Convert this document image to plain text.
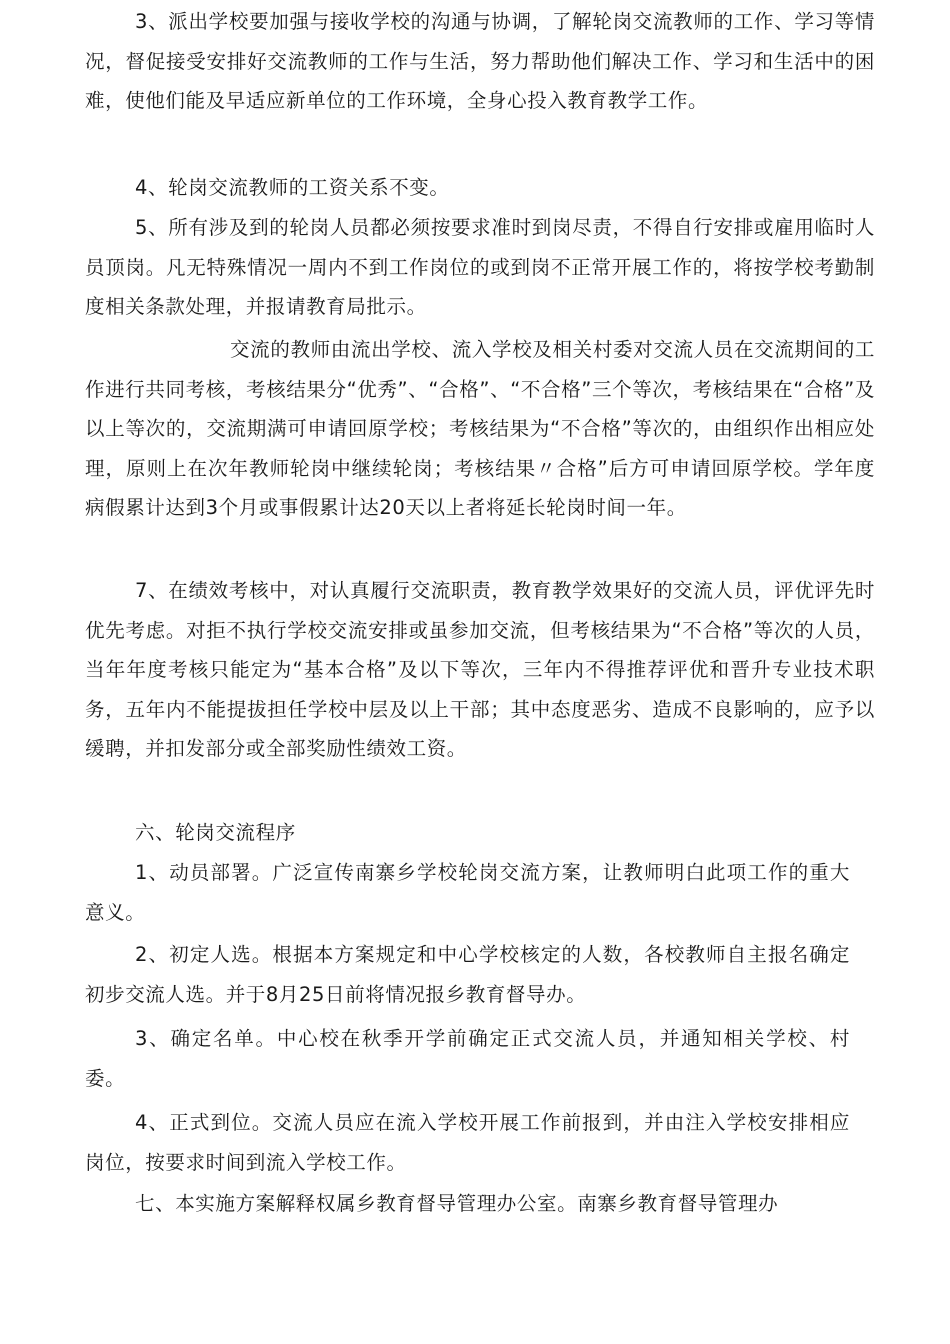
3、派出学校要加强与接收学校的沟通与协调，了解轮岗交流教师的工作、学习等情况，督促接受安排好交流教师的工作与生活，努力帮助他们解决工作、学习和生活中的困难，使他们能及早适应新单位的工作环境，全身心投入教育教学工作。

4、轮岗交流教师的工资关系不变。

5、所有涉及到的轮岗人员都必须按要求准时到岗尽责，不得自行安排或雇用临时人员顶岗。凡无特殊情况一周内不到工作岗位的或到岗不正常开展工作的，将按学校考勤制度相关条款处理，并报请教育局批示。

交流的教师由流出学校、流入学校及相关村委对交流人员在交流期间的工作进行共同考核，考核结果分“优秀”、“合格”、“不合格”三个等次，考核结果在“合格”及以上等次的，交流期满可申请回原学校；考核结果为“不合格”等次的，由组织作出相应处理，原则上在次年教师轮岗中继续轮岗；考核结果〃合格”后方可申请回原学校。学年度病假累计达到3个月或事假累计达20天以上者将延长轮岗时间一年。

7、在绩效考核中，对认真履行交流职责，教育教学效果好的交流人员，评优评先时优先考虑。对拒不执行学校交流安排或虽参加交流，但考核结果为“不合格”等次的人员，当年年度考核只能定为“基本合格”及以下等次，三年内不得推荐评优和晋升专业技术职务，五年内不能提拔担任学校中层及以上干部；其中态度恶劣、造成不良影响的，应予以缓聘，并扣发部分或全部奖励性绩效工资。

六、轮岗交流程序

1、动员部署。广泛宣传南寨乡学校轮岗交流方案，让教师明白此项工作的重大意义。

2、初定人选。根据本方案规定和中心学校核定的人数，各校教师自主报名确定初步交流人选。并于8月25日前将情况报乡教育督导办。

3、确定名单。中心校在秋季开学前确定正式交流人员，并通知相关学校、村委。

4、正式到位。交流人员应在流入学校开展工作前报到，并由注入学校安排相应岗位，按要求时间到流入学校工作。

七、本实施方案解释权属乡教育督导管理办公室。南寨乡教育督导管理办
